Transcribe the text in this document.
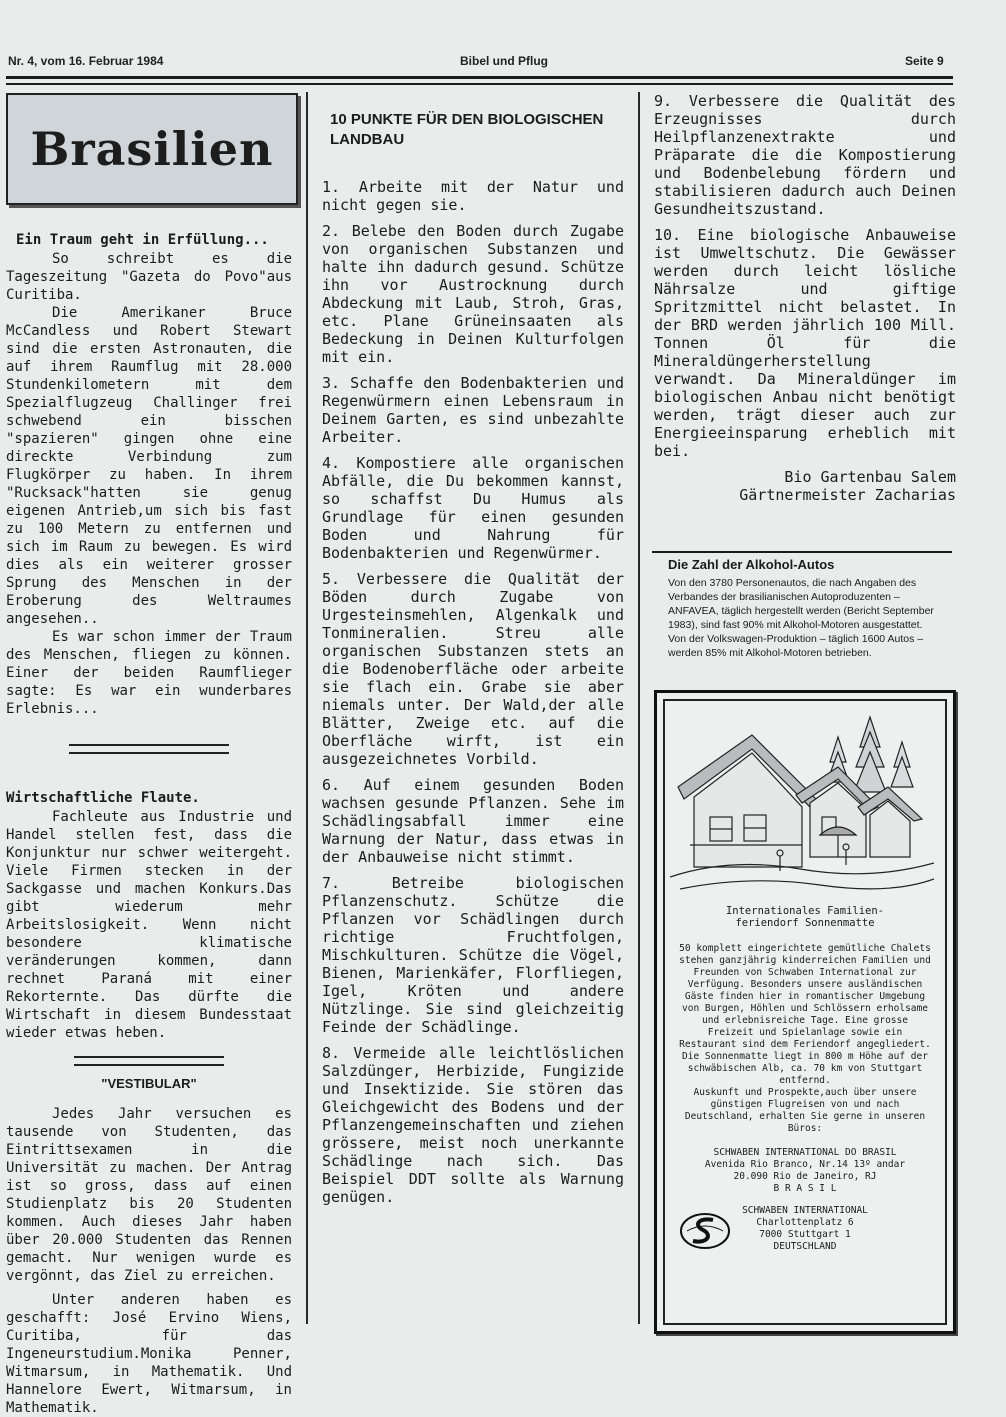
Nr. 4, vom 16. Februar 1984	Bibel und Pflug	Seite 9
Brasilien

Ein Traum geht in Erfüllung...

So schreibt es die Tageszeitung "Gazeta do Povo"aus Curitiba.

Die Amerikaner Bruce McCandless und Robert Stewart sind die ersten Astronauten, die auf ihrem Raumflug mit 28.000 Stundenkilometern mit dem Spezialflugzeug Challinger frei schwebend ein bisschen "spazieren" gingen ohne eine direckte Verbindung zum Flugkörper zu haben. In ihrem "Rucksack"hatten sie genug eigenen Antrieb,um sich bis fast zu 100 Metern zu entfernen und sich im Raum zu bewegen. Es wird dies als ein weiterer grosser Sprung des Menschen in der Eroberung des Weltraumes angesehen..

Es war schon immer der Traum des Menschen, fliegen zu können. Einer der beiden Raumflieger sagte: Es war ein wunderbares Erlebnis...

Wirtschaftliche Flaute.

Fachleute aus Industrie und Handel stellen fest, dass die Konjunktur nur schwer weitergeht. Viele Firmen stecken in der Sackgasse und machen Konkurs.Das gibt wiederum mehr Arbeitslosigkeit. Wenn nicht besondere klimatische veränderungen kommen, dann rechnet Paraná mit einer Rekorternte. Das dürfte die Wirtschaft in diesem Bundesstaat wieder etwas heben.

"VESTIBULAR"

Jedes Jahr versuchen es tausende von Studenten, das Eintrittsexamen in die Universität zu machen. Der Antrag ist so gross, dass auf einen Studienplatz bis 20 Studenten kommen. Auch dieses Jahr haben über 20.000 Studenten das Rennen gemacht. Nur wenigen wurde es vergönnt, das Ziel zu erreichen.

Unter anderen haben es geschafft: José Ervino Wiens, Curitiba, für das Ingeneurstudium.Monika Penner, Witmarsum, in Mathematik. Und Hannelore Ewert, Witmarsum, in Mathematik.

10 PUNKTE FÜR DEN BIOLOGISCHEN LANDBAU

1. Arbeite mit der Natur und nicht gegen sie.

2. Belebe den Boden durch Zugabe von organischen Substanzen und halte ihn dadurch gesund. Schütze ihn vor Austrocknung durch Abdeckung mit Laub, Stroh, Gras, etc. Plane Grüneinsaaten als Bedeckung in Deinen Kulturfolgen mit ein.

3. Schaffe den Bodenbakterien und Regenwürmern einen Lebensraum in Deinem Garten, es sind unbezahlte Arbeiter.

4. Kompostiere alle organischen Abfälle, die Du bekommen kannst, so schaffst Du Humus als Grundlage für einen gesunden Boden und Nahrung für Bodenbakterien und Regenwürmer.

5. Verbessere die Qualität der Böden durch Zugabe von Urgesteinsmehlen, Algenkalk und Tonmineralien. Streu alle organischen Substanzen stets an die Bodenoberfläche oder arbeite sie flach ein. Grabe sie aber niemals unter. Der Wald,der alle Blätter, Zweige etc. auf die Oberfläche wirft, ist ein ausgezeichnetes Vorbild.

6. Auf einem gesunden Boden wachsen gesunde Pflanzen. Sehe im Schädlingsabfall immer eine Warnung der Natur, dass etwas in der Anbauweise nicht stimmt.

7. Betreibe biologischen Pflanzenschutz. Schütze die Pflanzen vor Schädlingen durch richtige Fruchtfolgen, Mischkulturen. Schütze die Vögel, Bienen, Marienkäfer, Florfliegen, Igel, Kröten und andere Nützlinge. Sie sind gleichzeitig Feinde der Schädlinge.

8. Vermeide alle leichtlöslichen Salzdünger, Herbizide, Fungizide und Insektizide. Sie stören das Gleichgewicht des Bodens und der Pflanzengemeinschaften und ziehen grössere, meist noch unerkannte Schädlinge nach sich. Das Beispiel DDT sollte als Warnung genügen.

9. Verbessere die Qualität des Erzeugnisses durch Heilpflanzenextrakte und Präparate die die Kompostierung und Bodenbelebung fördern und stabilisieren dadurch auch Deinen Gesundheitszustand.

10. Eine biologische Anbauweise ist Umweltschutz. Die Gewässer werden durch leicht lösliche Nährsalze und giftige Spritzmittel nicht belastet. In der BRD werden jährlich 100 Mill. Tonnen Öl für die Mineraldüngerherstellung verwandt. Da Mineraldünger im biologischen Anbau nicht benötigt werden, trägt dieser auch zur Energieeinsparung erheblich mit bei.

Bio Gartenbau Salem

Gärtnermeister Zacharias

Die Zahl der Alkohol-Autos

Von den 3780 Personenautos, die nach Angaben des Verbandes der brasilianischen Autoproduzenten – ANFAVEA, täglich hergestellt werden (Bericht September 1983), sind fast 90% mit Alkohol-Motoren ausgestattet. Von der Volkswagen-Produktion – täglich 1600 Autos – werden 85% mit Alkohol-Motoren betrieben.

Internationales Familien-

feriendorf Sonnenmatte

50 komplett eingerichtete gemütliche Chalets stehen ganzjährig kinderreichen Familien und Freunden von Schwaben International zur Verfügung. Besonders unsere ausländischen Gäste finden hier in romantischer Umgebung von Burgen, Höhlen und Schlössern erholsame und erlebnisreiche Tage. Eine grosse Freizeit und Spielanlage sowie ein Restaurant sind dem Feriendorf angegliedert. Die Sonnenmatte liegt in 800 m Höhe auf der schwäbischen Alb, ca. 70 km von Stuttgart entfernd.

Auskunft und Prospekte,auch über unsere günstigen Flugreisen von und nach Deutschland, erhalten Sie gerne in unseren Büros:

SCHWABEN INTERNATIONAL DO BRASIL

Avenida Rio Branco, Nr.14 13º andar

20.090 Rio de Janeiro, RJ

B R A S I L

SCHWABEN INTERNATIONAL

Charlottenplatz 6

7000 Stuttgart 1

DEUTSCHLAND
